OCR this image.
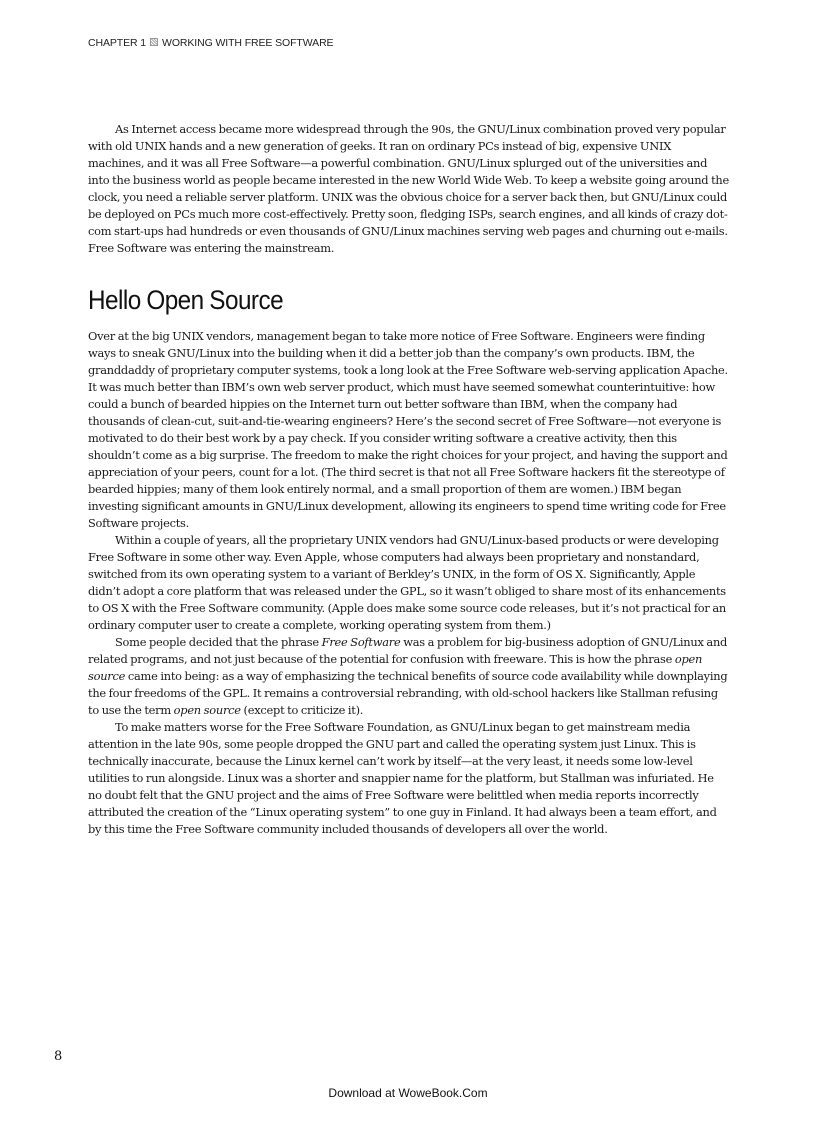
CHAPTER 1 WORKING WITH FREE SOFTWARE

As Internet access became more widespread through the 90s, the GNU/Linux combination proved very popular with old UNIX hands and a new generation of geeks. It ran on ordinary PCs instead of big, expensive UNIX machines, and it was all Free Software—a powerful combination. GNU/Linux splurged out of the universities and into the business world as people became interested in the new World Wide Web. To keep a website going around the clock, you need a reliable server platform. UNIX was the obvious choice for a server back then, but GNU/Linux could be deployed on PCs much more cost-effectively. Pretty soon, fledging ISPs, search engines, and all kinds of crazy dot-com start-ups had hundreds or even thousands of GNU/Linux machines serving web pages and churning out e-mails. Free Software was entering the mainstream.

Hello Open Source

Over at the big UNIX vendors, management began to take more notice of Free Software. Engineers were finding ways to sneak GNU/Linux into the building when it did a better job than the company’s own products. IBM, the granddaddy of proprietary computer systems, took a long look at the Free Software web-serving application Apache. It was much better than IBM’s own web server product, which must have seemed somewhat counterintuitive: how could a bunch of bearded hippies on the Internet turn out better software than IBM, when the company had thousands of clean-cut, suit-and-tie-wearing engineers? Here’s the second secret of Free Software—not everyone is motivated to do their best work by a pay check. If you consider writing software a creative activity, then this shouldn’t come as a big surprise. The freedom to make the right choices for your project, and having the support and appreciation of your peers, count for a lot. (The third secret is that not all Free Software hackers fit the stereotype of bearded hippies; many of them look entirely normal, and a small proportion of them are women.) IBM began investing significant amounts in GNU/Linux development, allowing its engineers to spend time writing code for Free Software projects.

Within a couple of years, all the proprietary UNIX vendors had GNU/Linux-based products or were developing Free Software in some other way. Even Apple, whose computers had always been proprietary and nonstandard, switched from its own operating system to a variant of Berkley’s UNIX, in the form of OS X. Significantly, Apple didn’t adopt a core platform that was released under the GPL, so it wasn’t obliged to share most of its enhancements to OS X with the Free Software community. (Apple does make some source code releases, but it’s not practical for an ordinary computer user to create a complete, working operating system from them.)

Some people decided that the phrase Free Software was a problem for big-business adoption of GNU/Linux and related programs, and not just because of the potential for confusion with freeware. This is how the phrase open source came into being: as a way of emphasizing the technical benefits of source code availability while downplaying the four freedoms of the GPL. It remains a controversial rebranding, with old-school hackers like Stallman refusing to use the term open source (except to criticize it).

To make matters worse for the Free Software Foundation, as GNU/Linux began to get mainstream media attention in the late 90s, some people dropped the GNU part and called the operating system just Linux. This is technically inaccurate, because the Linux kernel can’t work by itself—at the very least, it needs some low-level utilities to run alongside. Linux was a shorter and snappier name for the platform, but Stallman was infuriated. He no doubt felt that the GNU project and the aims of Free Software were belittled when media reports incorrectly attributed the creation of the “Linux operating system” to one guy in Finland. It had always been a team effort, and by this time the Free Software community included thousands of developers all over the world.

8
Download at WoweBook.Com
